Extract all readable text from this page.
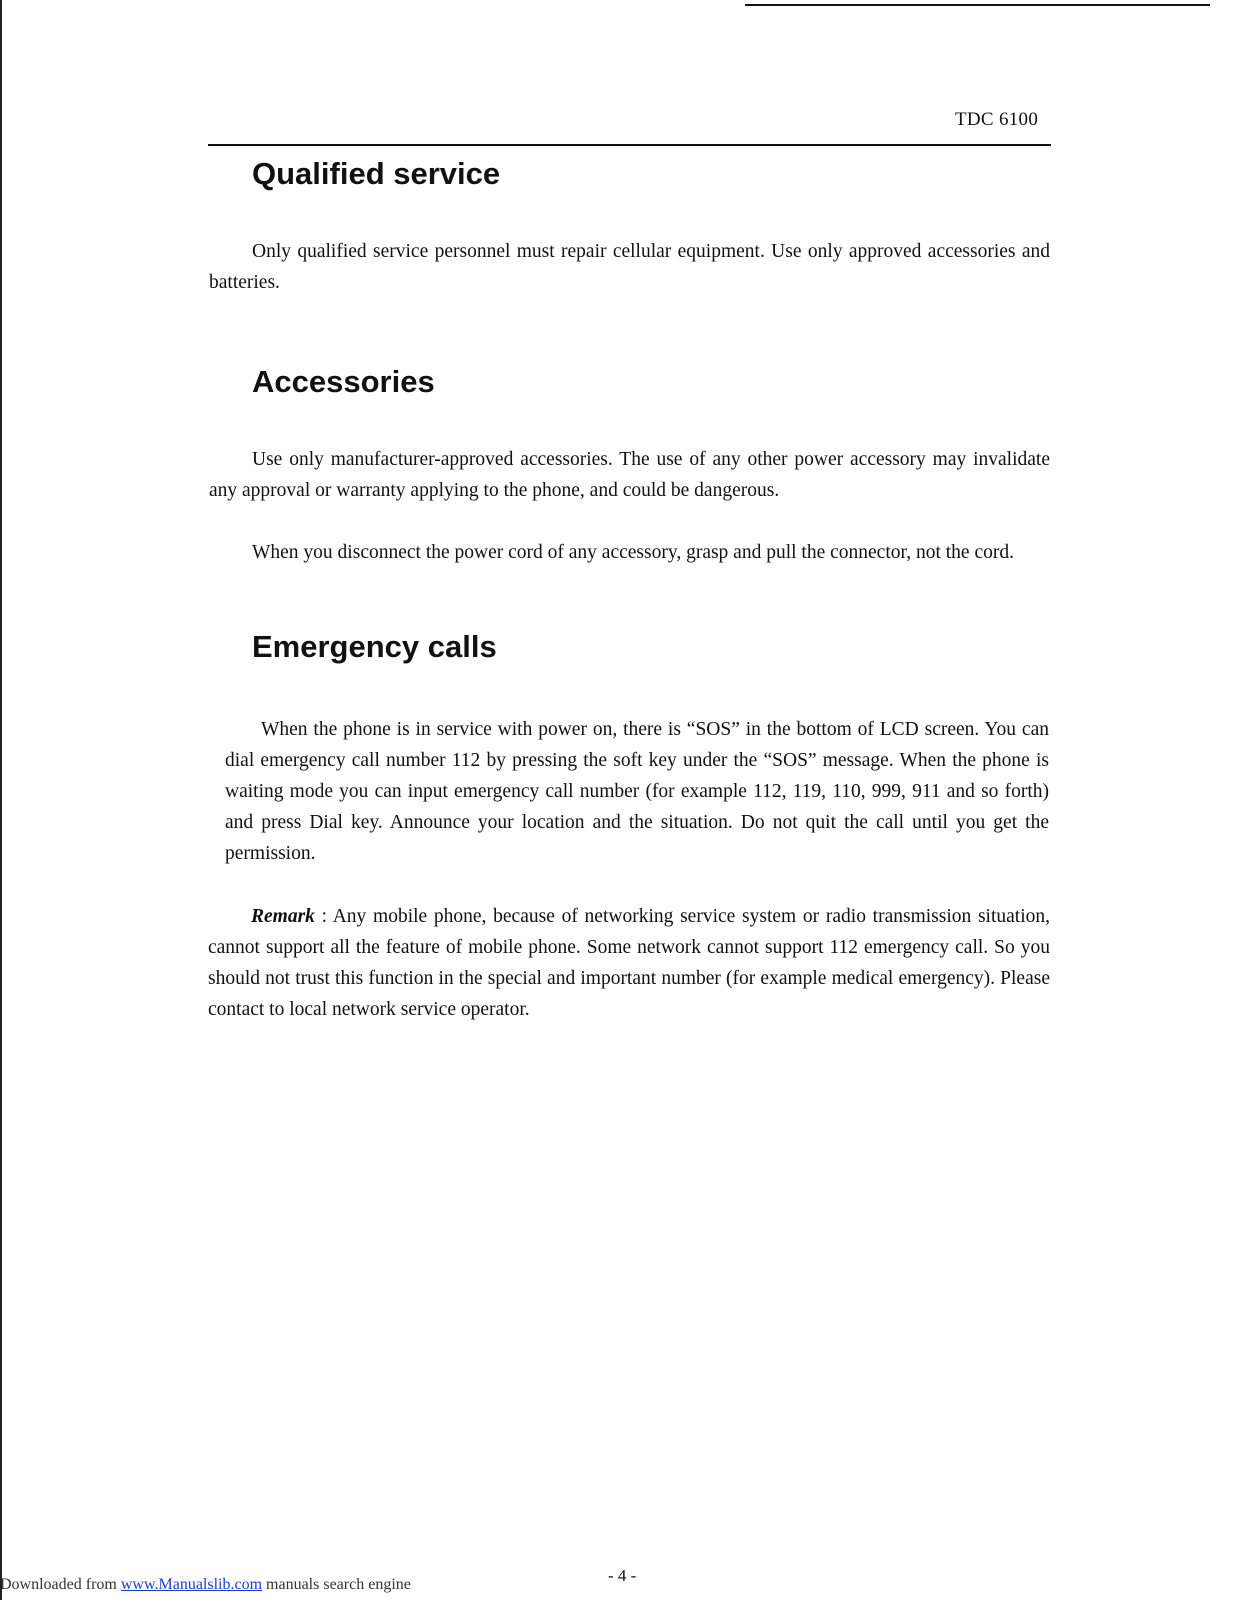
TDC 6100
Qualified service

Only qualified service personnel must repair cellular equipment. Use only approved accessories and batteries.

Accessories

Use only manufacturer-approved accessories. The use of any other power accessory may invalidate any approval or warranty applying to the phone, and could be dangerous.

When you disconnect the power cord of any accessory, grasp and pull the connector, not the cord.

Emergency calls

When the phone is in service with power on, there is “SOS” in the bottom of LCD screen. You can dial emergency call number 112 by pressing the soft key under the “SOS” message. When the phone is waiting mode you can input emergency call number (for example 112, 119, 110, 999, 911 and so forth) and press Dial key. Announce your location and the situation. Do not quit the call until you get the permission.

Remark : Any mobile phone, because of networking service system or radio transmission situation, cannot support all the feature of mobile phone. Some network cannot support 112 emergency call. So you should not trust this function in the special and important number (for example medical emergency). Please contact to local network service operator.

- 4 -
Downloaded from www.Manualslib.com manuals search engine
